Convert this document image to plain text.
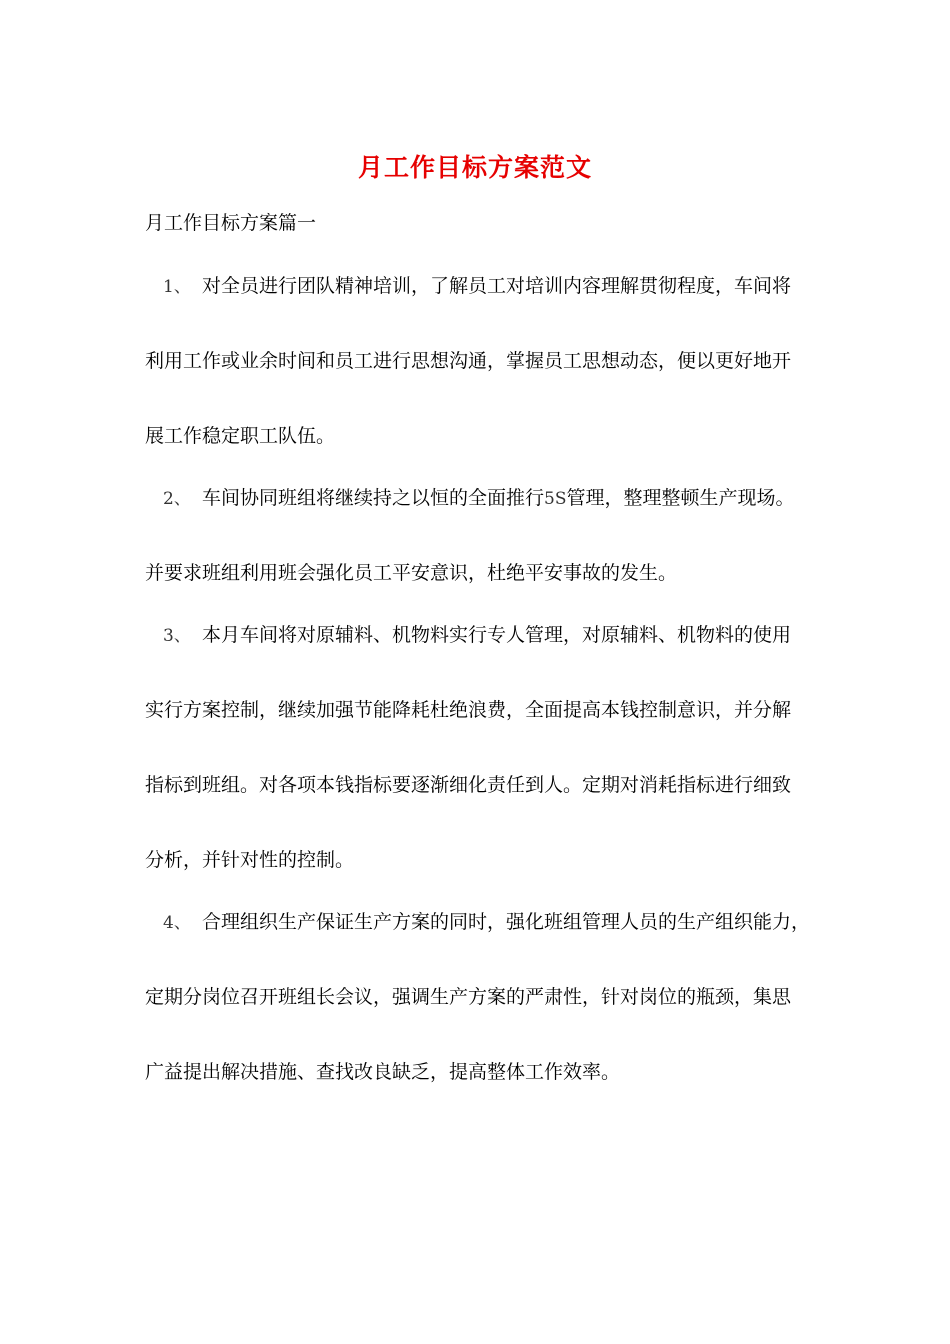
月工作目标方案范文
月工作目标方案篇一
1、 对全员进行团队精神培训，了解员工对培训内容理解贯彻程度，车间将
利用工作或业余时间和员工进行思想沟通，掌握员工思想动态，便以更好地开
展工作稳定职工队伍。
2、 车间协同班组将继续持之以恒的全面推行5S管理，整理整顿生产现场。
并要求班组利用班会强化员工平安意识，杜绝平安事故的发生。
3、 本月车间将对原辅料、机物料实行专人管理，对原辅料、机物料的使用
实行方案控制，继续加强节能降耗杜绝浪费，全面提高本钱控制意识，并分解
指标到班组。对各项本钱指标要逐渐细化责任到人。定期对消耗指标进行细致
分析，并针对性的控制。
4、 合理组织生产保证生产方案的同时，强化班组管理人员的生产组织能力，
定期分岗位召开班组长会议，强调生产方案的严肃性，针对岗位的瓶颈，集思
广益提出解决措施、查找改良缺乏，提高整体工作效率。
